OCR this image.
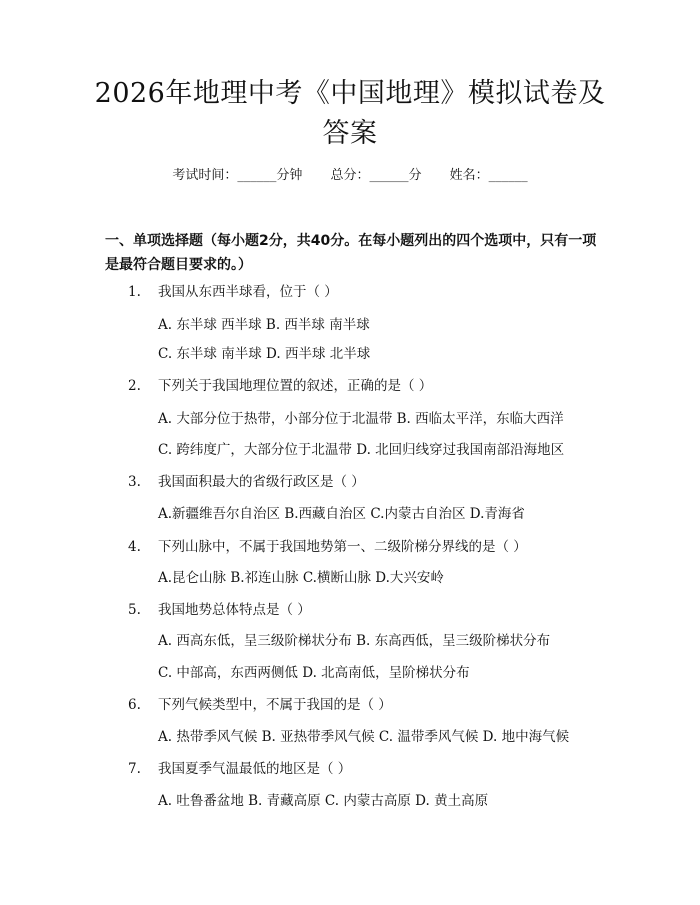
2026年地理中考《中国地理》模拟试卷及答案
考试时间：______分钟 总分：______分 姓名：______
一、单项选择题（每小题2分，共40分。在每小题列出的四个选项中，只有一项是最符合题目要求的。）
1. 我国从东西半球看，位于（ ）
A. 东半球 西半球 B. 西半球 南半球
C. 东半球 南半球 D. 西半球 北半球
2. 下列关于我国地理位置的叙述，正确的是（ ）
A. 大部分位于热带，小部分位于北温带 B. 西临太平洋，东临大西洋
C. 跨纬度广，大部分位于北温带 D. 北回归线穿过我国南部沿海地区
3. 我国面积最大的省级行政区是（ ）
A.新疆维吾尔自治区 B.西藏自治区 C.内蒙古自治区 D.青海省
4. 下列山脉中，不属于我国地势第一、二级阶梯分界线的是（ ）
A.昆仑山脉 B.祁连山脉 C.横断山脉 D.大兴安岭
5. 我国地势总体特点是（ ）
A. 西高东低，呈三级阶梯状分布 B. 东高西低，呈三级阶梯状分布
C. 中部高，东西两侧低 D. 北高南低，呈阶梯状分布
6. 下列气候类型中，不属于我国的是（ ）
A. 热带季风气候 B. 亚热带季风气候 C. 温带季风气候 D. 地中海气候
7. 我国夏季气温最低的地区是（ ）
A. 吐鲁番盆地 B. 青藏高原 C. 内蒙古高原 D. 黄土高原
